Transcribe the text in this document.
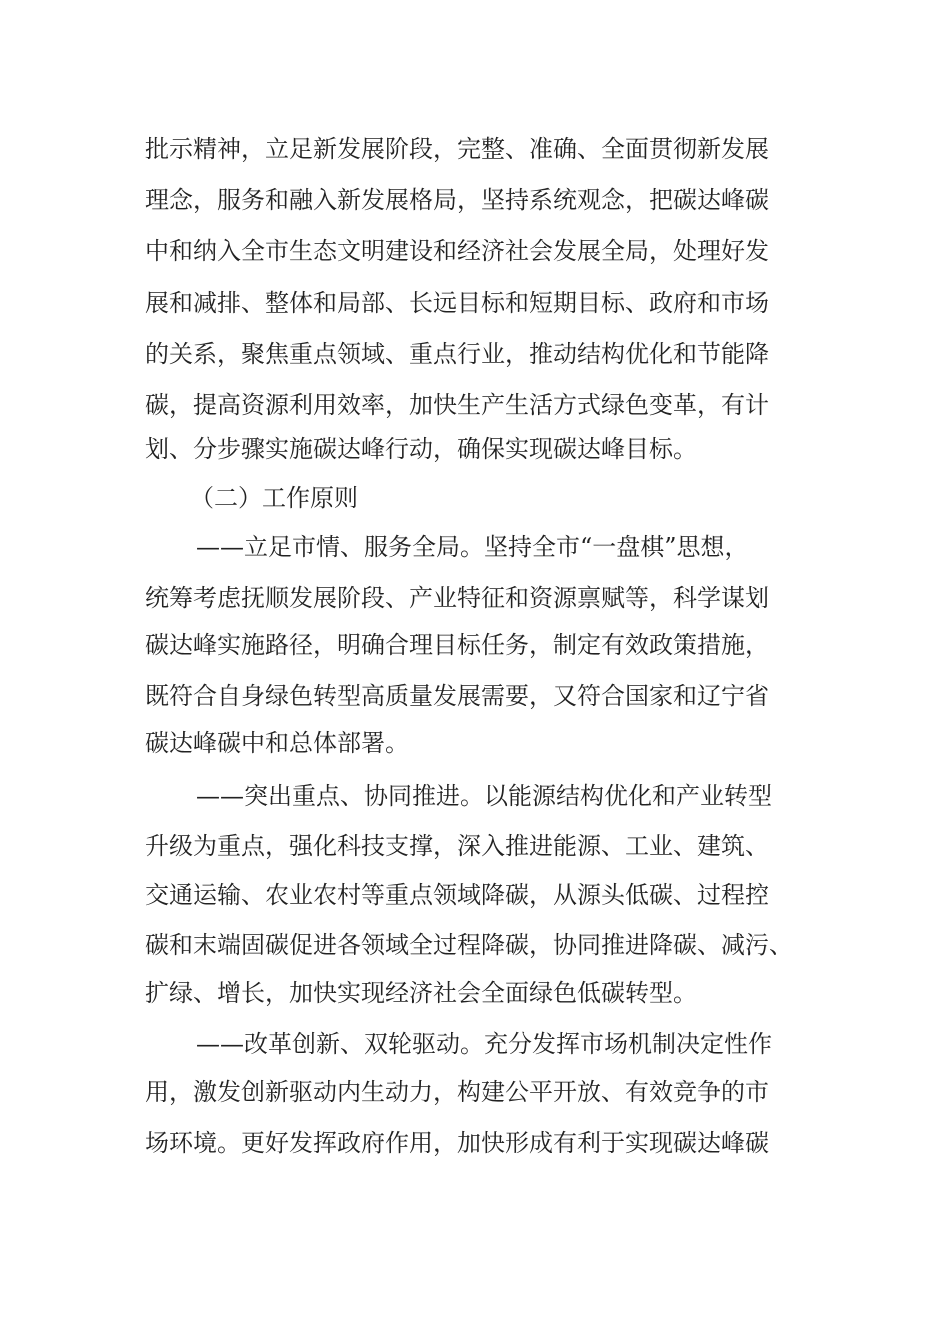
批示精神，立足新发展阶段，完整、准确、全面贯彻新发展
理念，服务和融入新发展格局，坚持系统观念，把碳达峰碳
中和纳入全市生态文明建设和经济社会发展全局，处理好发
展和减排、整体和局部、长远目标和短期目标、政府和市场
的关系，聚焦重点领域、重点行业，推动结构优化和节能降
碳，提高资源利用效率，加快生产生活方式绿色变革，有计
划、分步骤实施碳达峰行动，确保实现碳达峰目标。
（二）工作原则
——立足市情、服务全局。坚持全市“一盘棋”思想，
统筹考虑抚顺发展阶段、产业特征和资源禀赋等，科学谋划
碳达峰实施路径，明确合理目标任务，制定有效政策措施，
既符合自身绿色转型高质量发展需要，又符合国家和辽宁省
碳达峰碳中和总体部署。
——突出重点、协同推进。以能源结构优化和产业转型
升级为重点，强化科技支撑，深入推进能源、工业、建筑、
交通运输、农业农村等重点领域降碳，从源头低碳、过程控
碳和末端固碳促进各领域全过程降碳，协同推进降碳、减污、
扩绿、增长，加快实现经济社会全面绿色低碳转型。
——改革创新、双轮驱动。充分发挥市场机制决定性作
用，激发创新驱动内生动力，构建公平开放、有效竞争的市
场环境。更好发挥政府作用，加快形成有利于实现碳达峰碳
